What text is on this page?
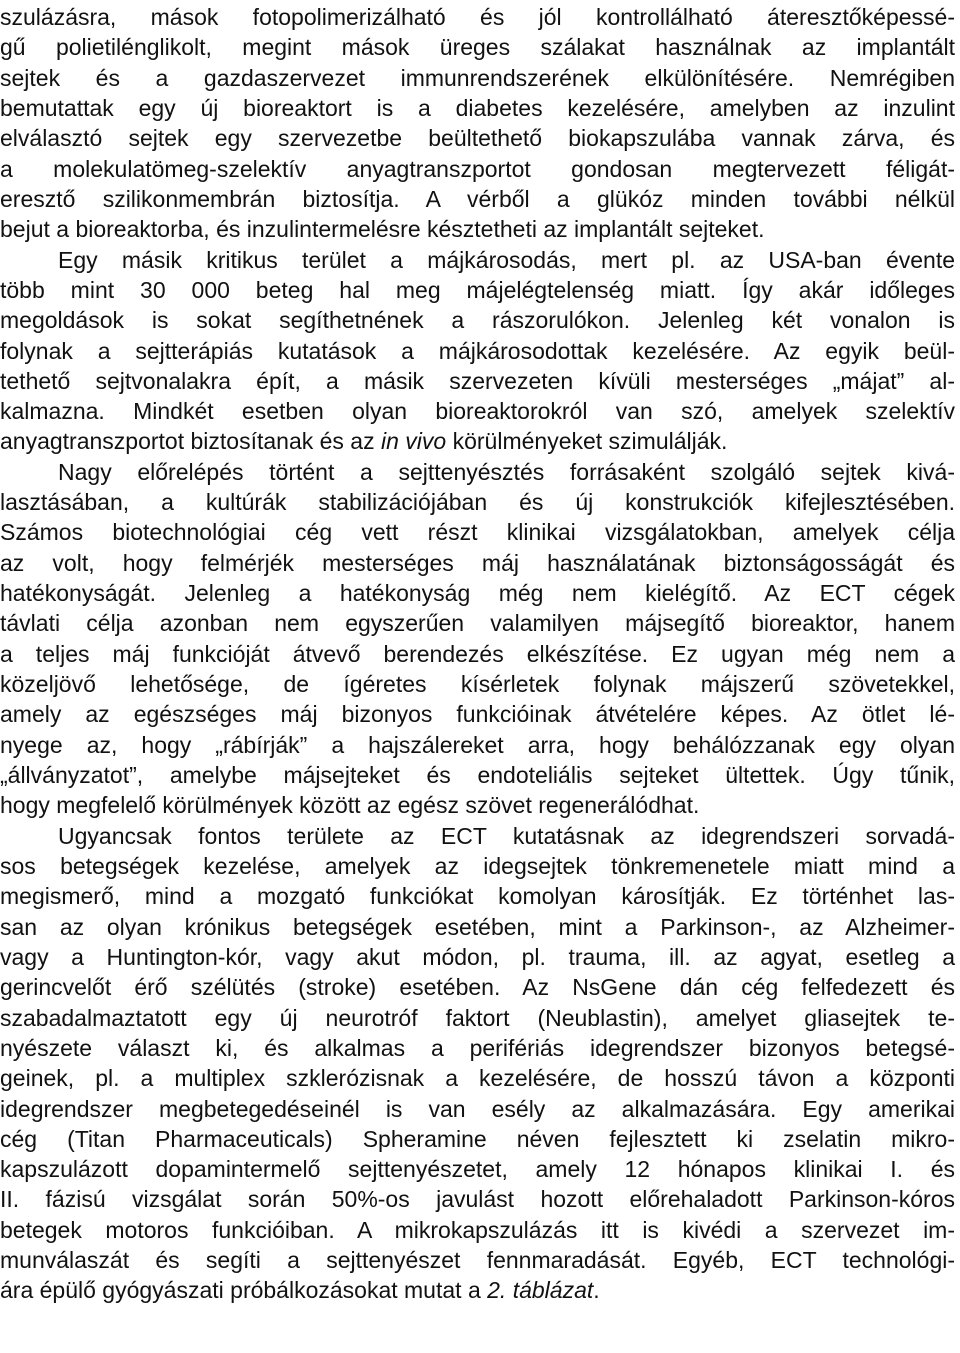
szulázásra, mások fotopolimerizálható és jól kontrollálható áteresztőképessé-
gű polietilénglikolt, megint mások üreges szálakat használnak az implantált
sejtek és a gazdaszervezet immunrendszerének elkülönítésére. Nemrégiben
bemutattak egy új bioreaktort is a diabetes kezelésére, amelyben az inzulint
elválasztó sejtek egy szervezetbe beültethető biokapszulába vannak zárva, és
a molekulatömeg-szelektív anyagtranszportot gondosan megtervezett féligát-
eresztő szilikonmembrán biztosítja. A vérből a glükóz minden további nélkül
bejut a bioreaktorba, és inzulintermelésre késztetheti az implantált sejteket.
Egy másik kritikus terület a májkárosodás, mert pl. az USA-ban évente
több mint 30 000 beteg hal meg májelégtelenség miatt. Így akár időleges
megoldások is sokat segíthetnének a rászorulókon. Jelenleg két vonalon is
folynak a sejtterápiás kutatások a májkárosodottak kezelésére. Az egyik beül-
tethető sejtvonalakra épít, a másik szervezeten kívüli mesterséges „májat” al-
kalmazna. Mindkét esetben olyan bioreaktorokról van szó, amelyek szelektív
anyagtranszportot biztosítanak és az in vivo körülményeket szimulálják.
Nagy előrelépés történt a sejttenyésztés forrásaként szolgáló sejtek kivá-
lasztásában, a kultúrák stabilizációjában és új konstrukciók kifejlesztésében.
Számos biotechnológiai cég vett részt klinikai vizsgálatokban, amelyek célja
az volt, hogy felmérjék mesterséges máj használatának biztonságosságát és
hatékonyságát. Jelenleg a hatékonyság még nem kielégítő. Az ECT cégek
távlati célja azonban nem egyszerűen valamilyen májsegítő bioreaktor, hanem
a teljes máj funkcióját átvevő berendezés elkészítése. Ez ugyan még nem a
közeljövő lehetősége, de ígéretes kísérletek folynak májszerű szövetekkel,
amely az egészséges máj bizonyos funkcióinak átvételére képes. Az ötlet lé-
nyege az, hogy „rábírják” a hajszálereket arra, hogy behálózzanak egy olyan
„állványzatot”, amelybe májsejteket és endoteliális sejteket ültettek. Úgy tűnik,
hogy megfelelő körülmények között az egész szövet regenerálódhat.
Ugyancsak fontos területe az ECT kutatásnak az idegrendszeri sorvadá-
sos betegségek kezelése, amelyek az idegsejtek tönkremenetele miatt mind a
megismerő, mind a mozgató funkciókat komolyan károsítják. Ez történhet las-
san az olyan krónikus betegségek esetében, mint a Parkinson-, az Alzheimer-
vagy a Huntington-kór, vagy akut módon, pl. trauma, ill. az agyat, esetleg a
gerincvelőt érő szélütés (stroke) esetében. Az NsGene dán cég felfedezett és
szabadalmaztatott egy új neurotróf faktort (Neublastin), amelyet gliasejtek te-
nyészete választ ki, és alkalmas a perifériás idegrendszer bizonyos betegsé-
geinek, pl. a multiplex szklerózisnak a kezelésére, de hosszú távon a központi
idegrendszer megbetegedéseinél is van esély az alkalmazására. Egy amerikai
cég (Titan Pharmaceuticals) Spheramine néven fejlesztett ki zselatin mikro-
kapszulázott dopamintermelő sejttenyészetet, amely 12 hónapos klinikai I. és
II. fázisú vizsgálat során 50%-os javulást hozott előrehaladott Parkinson-kóros
betegek motoros funkcióiban. A mikrokapszulázás itt is kivédi a szervezet im-
munválaszát és segíti a sejttenyészet fennmaradását. Egyéb, ECT technológi-
ára épülő gyógyászati próbálkozásokat mutat a 2. táblázat.
